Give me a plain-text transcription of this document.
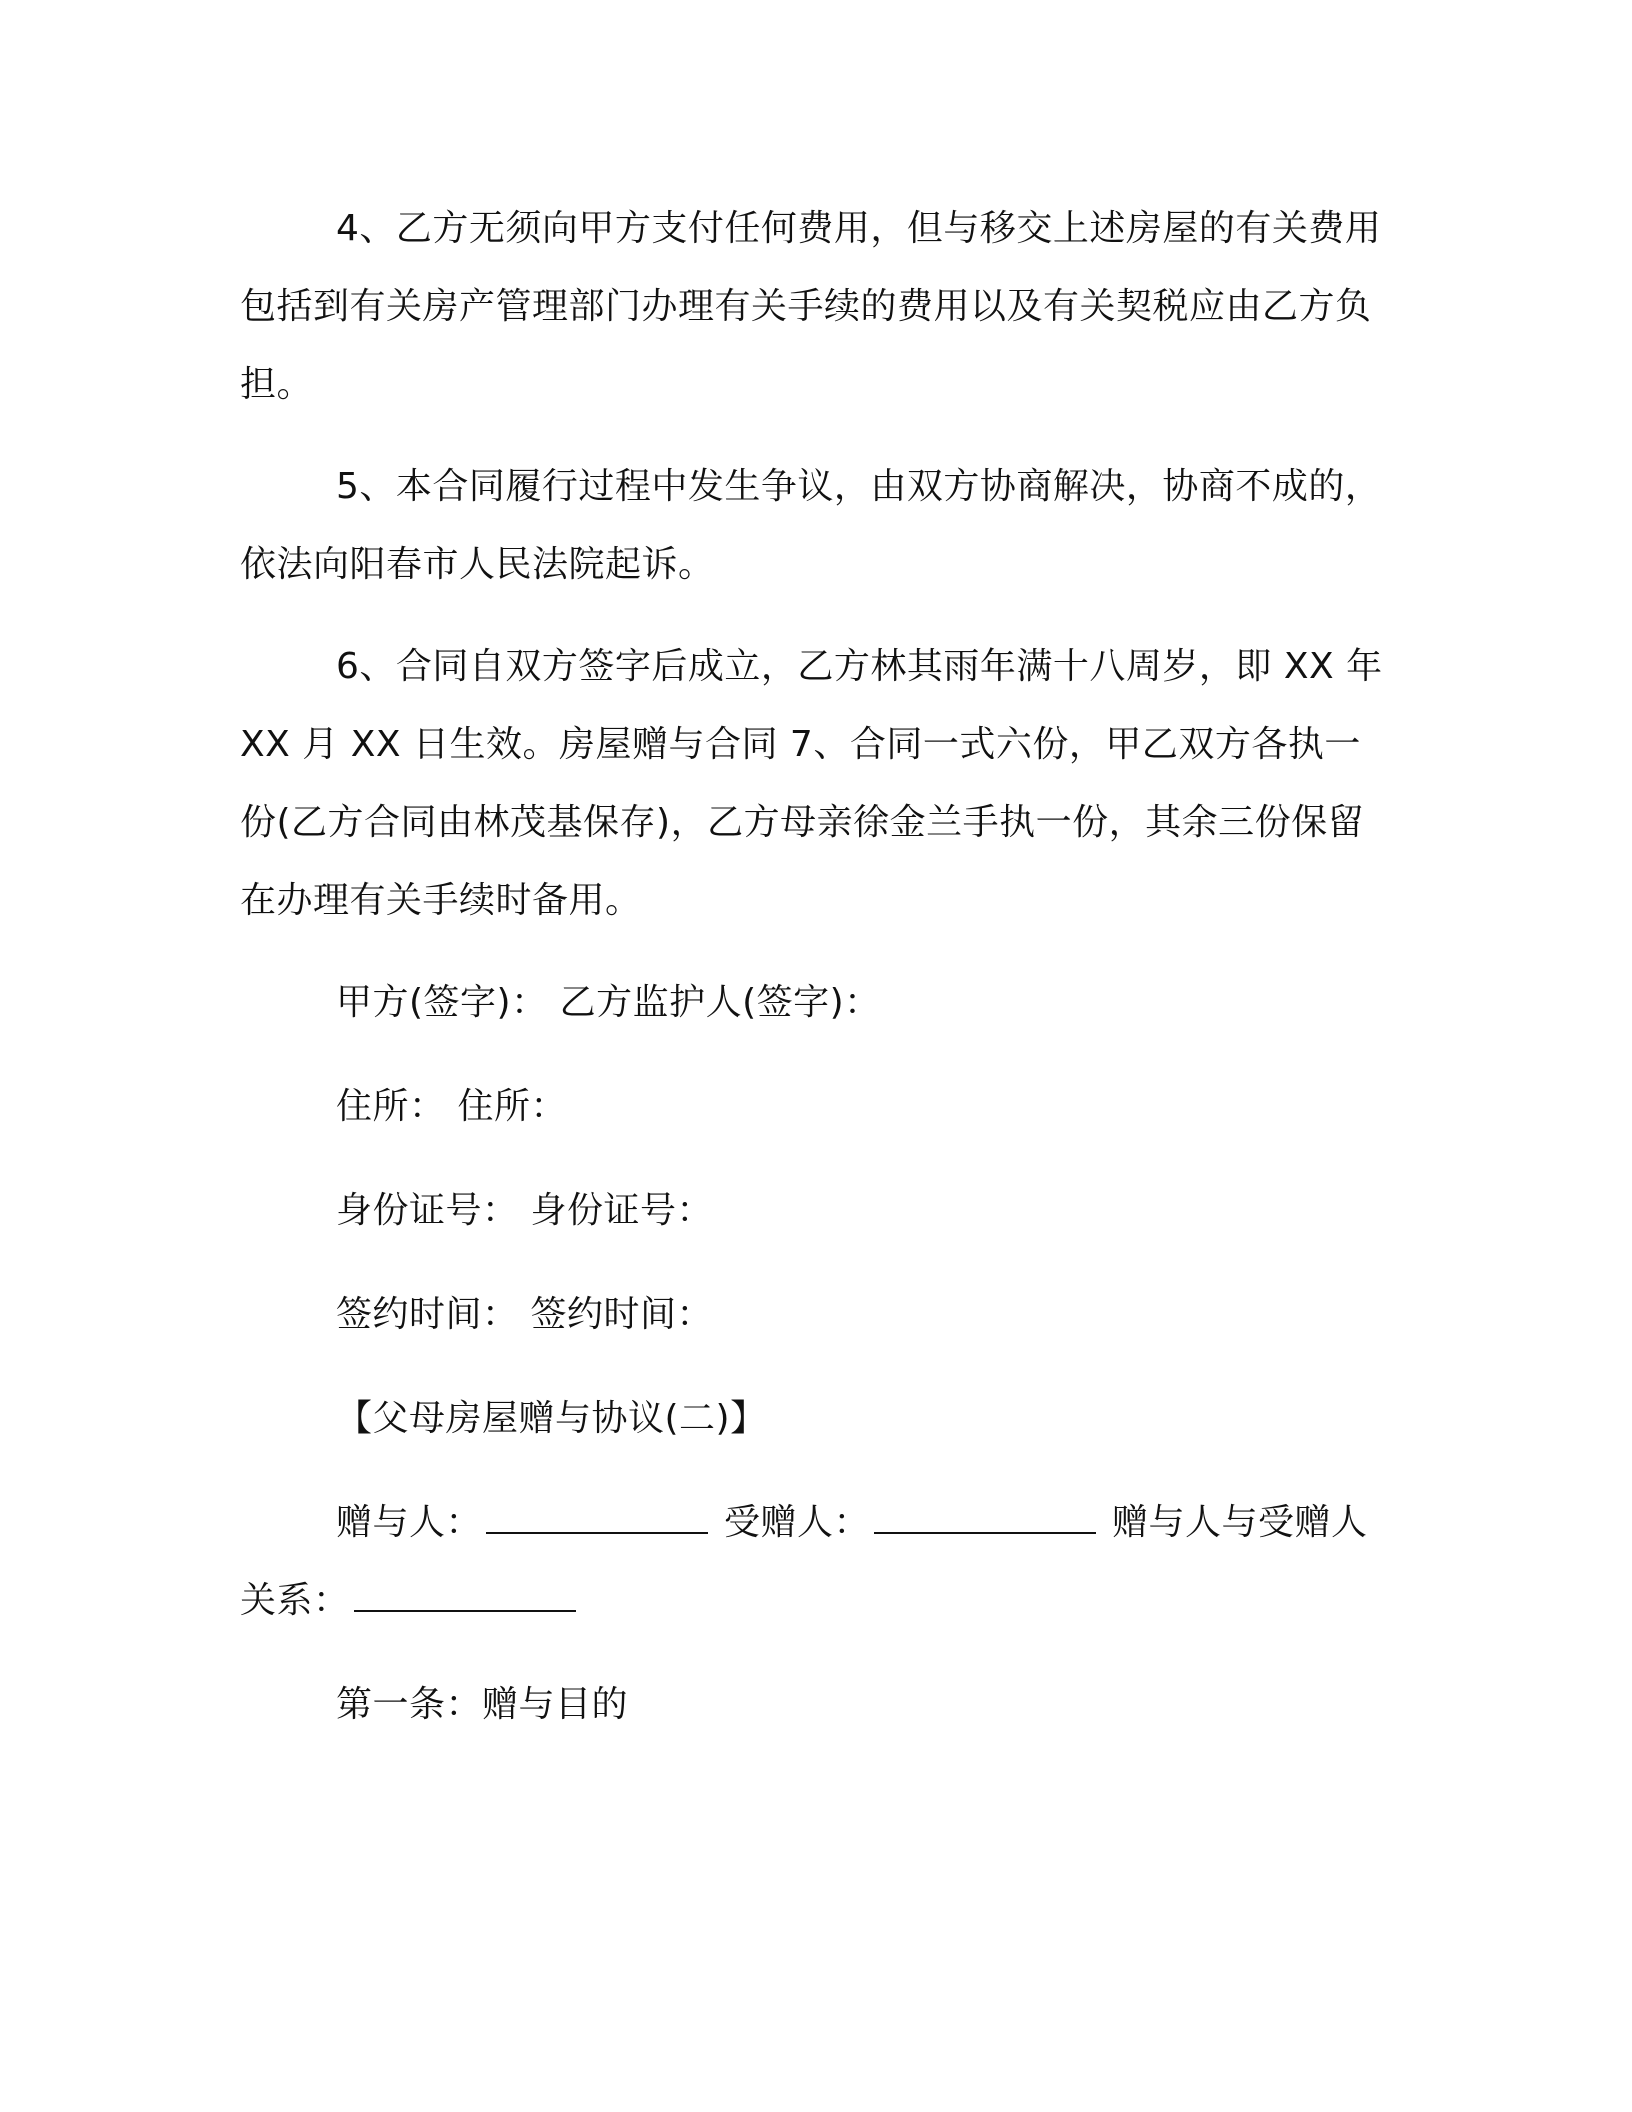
4、乙方无须向甲方支付任何费用，但与移交上述房屋的有关费用包括到有关房产管理部门办理有关手续的费用以及有关契税应由乙方负担。

5、本合同履行过程中发生争议，由双方协商解决，协商不成的，依法向阳春市人民法院起诉。

6、合同自双方签字后成立，乙方林其雨年满十八周岁，即 XX 年 XX 月 XX 日生效。房屋赠与合同 7、合同一式六份，甲乙双方各执一份(乙方合同由林茂基保存)，乙方母亲徐金兰手执一份，其余三份保留在办理有关手续时备用。

甲方(签字)： 乙方监护人(签字)：
住所： 住所：
身份证号： 身份证号：
签约时间： 签约时间：
【父母房屋赠与协议(二)】

赠与人：	受赠人：	赠与人与受赠人关系：

第一条：赠与目的
